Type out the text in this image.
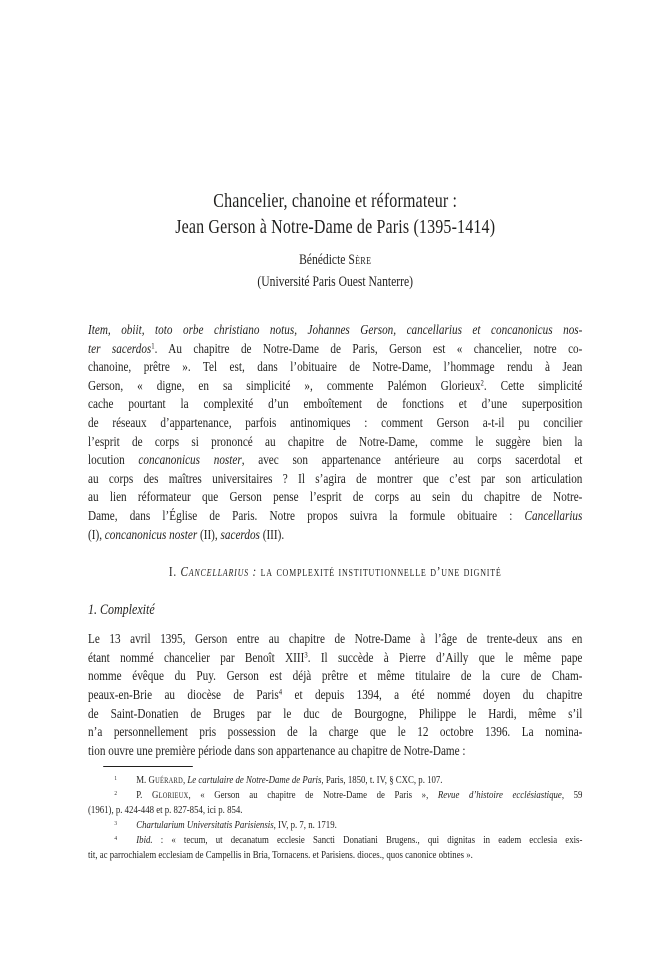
Chancelier, chanoine et réformateur :
Jean Gerson à Notre-Dame de Paris (1395-1414)
Bénédicte Sère
(Université Paris Ouest Nanterre)
Item, obiit, toto orbe christiano notus, Johannes Gerson, cancellarius et concanonicus nos-
ter sacerdos$^1$. Au chapitre de Notre-Dame de Paris, Gerson est « chancelier, notre co-
chanoine, prêtre ». Tel est, dans l’obituaire de Notre-Dame, l’hommage rendu à Jean
Gerson, « digne, en sa simplicité », commente Palémon Glorieux$^2$. Cette simplicité
cache pourtant la complexité d’un emboîtement de fonctions et d’une superposition
de réseaux d’appartenance, parfois antinomiques : comment Gerson a-t-il pu concilier
l’esprit de corps si prononcé au chapitre de Notre-Dame, comme le suggère bien la
locution concanonicus noster, avec son appartenance antérieure au corps sacerdotal et
au corps des maîtres universitaires ? Il s’agira de montrer que c’est par son articulation
au lien réformateur que Gerson pense l’esprit de corps au sein du chapitre de Notre-
Dame, dans l’Église de Paris. Notre propos suivra la formule obituaire : Cancellarius
(I), concanonicus noster (II), sacerdos (III).
I. Cancellarius : la complexité institutionnelle d’une dignité
1. Complexité
Le 13 avril 1395, Gerson entre au chapitre de Notre-Dame à l’âge de trente-deux ans en
étant nommé chancelier par Benoît XIII$^3$. Il succède à Pierre d’Ailly que le même pape
nomme évêque du Puy. Gerson est déjà prêtre et même titulaire de la cure de Cham-
peaux-en-Brie au diocèse de Paris$^4$ et depuis 1394, a été nommé doyen du chapitre
de Saint-Donatien de Bruges par le duc de Bourgogne, Philippe le Hardi, même s’il
n’a personnellement pris possession de la charge que le 12 octobre 1396. La nomina-
tion ouvre une première période dans son appartenance au chapitre de Notre-Dame :
$^1$ M. Guérard, Le cartulaire de Notre-Dame de Paris, Paris, 1850, t. IV, § CXC, p. 107.
$^2$ P. Glorieux, « Gerson au chapitre de Notre-Dame de Paris », Revue d’histoire ecclésiastique, 59
(1961), p. 424-448 et p. 827-854, ici p. 854.
$^3$ Chartularium Universitatis Parisiensis, IV, p. 7, n. 1719.
$^4$ Ibid. : « tecum, ut decanatum ecclesie Sancti Donatiani Brugens., qui dignitas in eadem ecclesia exis-
tit, ac parrochialem ecclesiam de Campellis in Bria, Tornacens. et Parisiens. dioces., quos canonice obtines ».
